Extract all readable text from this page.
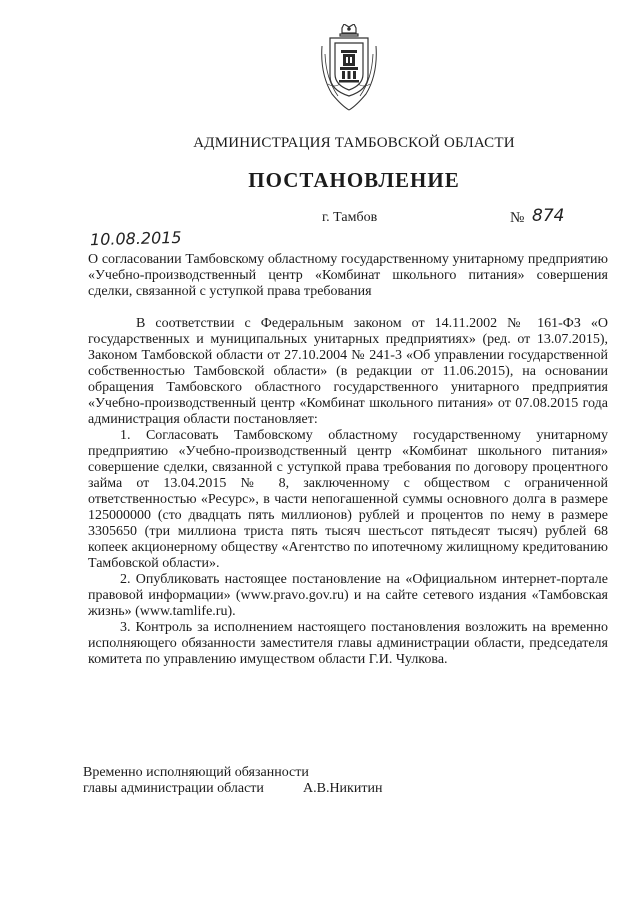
АДМИНИСТРАЦИЯ ТАМБОВСКОЙ ОБЛАСТИ
ПОСТАНОВЛЕНИЕ
г. Тамбов	№ 874
10.08.2015
О согласовании Тамбовскому областному государственному унитарному предприятию «Учебно-производственный центр «Комбинат школьного питания» совершения сделки, связанной с уступкой права требования

В соответствии с Федеральным законом от 14.11.2002 № 161-ФЗ «О государственных и муниципальных унитарных предприятиях» (ред. от 13.07.2015), Законом Тамбовской области от 27.10.2004 № 241-3 «Об управлении государственной собственностью Тамбовской области» (в редакции от 11.06.2015), на основании обращения Тамбовского областного государственного унитарного предприятия «Учебно-производственный центр «Комбинат школьного питания» от 07.08.2015 года администрация области постановляет:

1. Согласовать Тамбовскому областному государственному унитарному предприятию «Учебно-производственный центр «Комбинат школьного питания» совершение сделки, связанной с уступкой права требования по договору процентного займа от 13.04.2015 № 8, заключенному с обществом с ограниченной ответственностью «Ресурс», в части непогашенной суммы основного долга в размере 125000000 (сто двадцать пять миллионов) рублей и процентов по нему в размере 3305650 (три миллиона триста пять тысяч шестьсот пятьдесят тысяч) рублей 68 копеек акционерному обществу «Агентство по ипотечному жилищному кредитованию Тамбовской области».

2. Опубликовать настоящее постановление на «Официальном интернет-портале правовой информации» (www.pravo.gov.ru) и на сайте сетевого издания «Тамбовская жизнь» (www.tamlife.ru).

3. Контроль за исполнением настоящего постановления возложить на временно исполняющего обязанности заместителя главы администрации области, председателя комитета по управлению имуществом области Г.И. Чулкова.

Временно исполняющий обязанности
главы администрации области	А.В.Никитин
